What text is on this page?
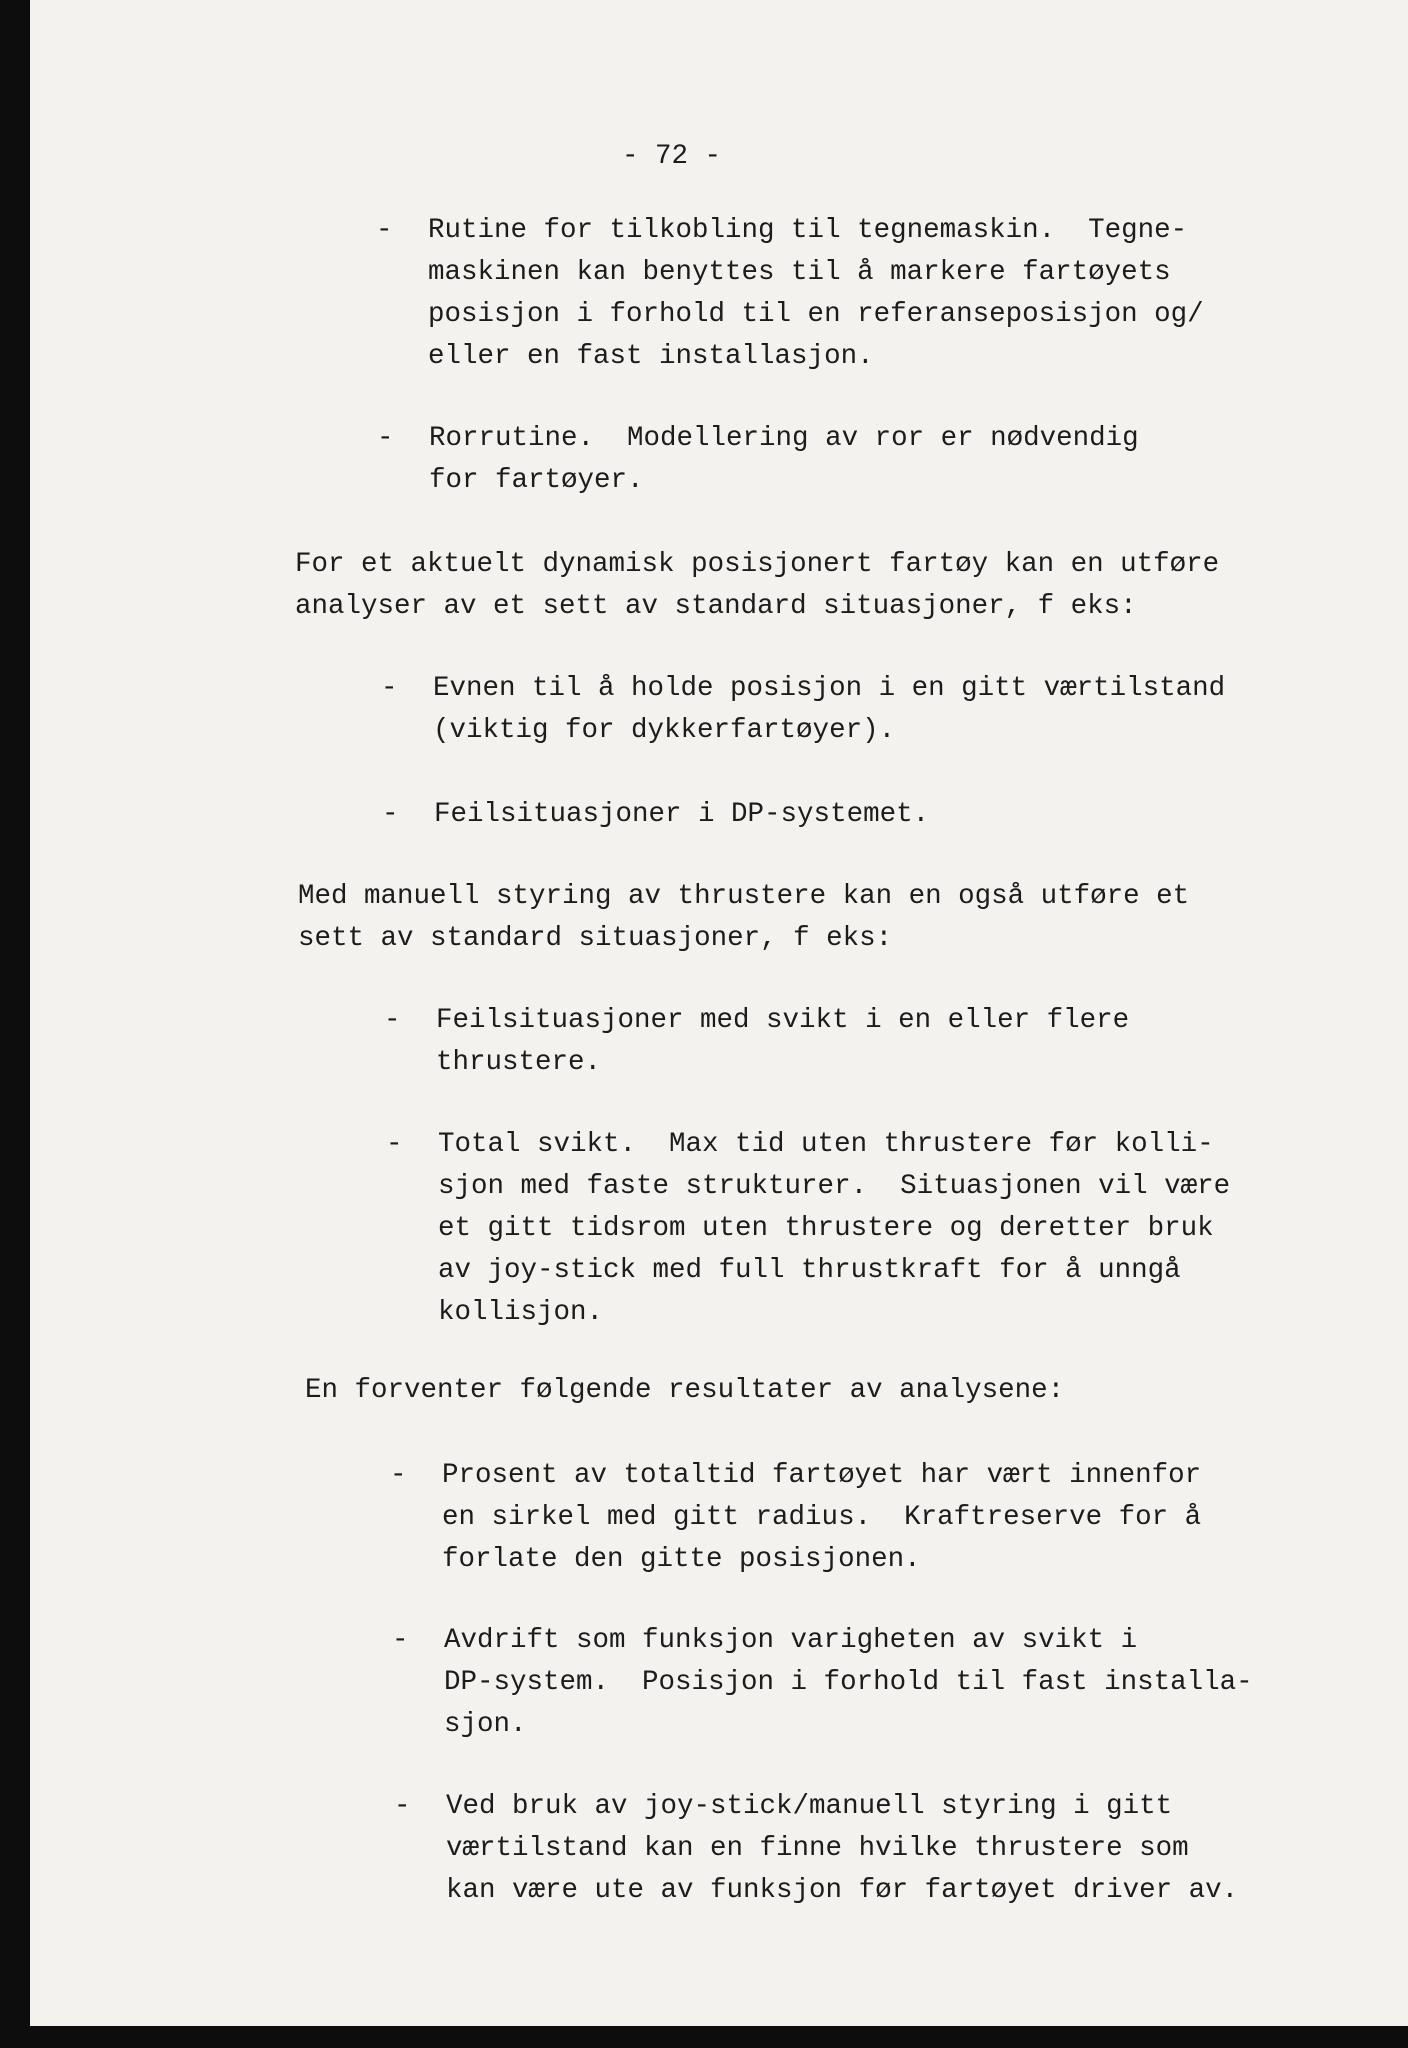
- 72 -

- Rutine for tilkobling til tegnemaskin.  Tegne-
maskinen kan benyttes til å markere fartøyets
posisjon i forhold til en referanseposisjon og/
eller en fast installasjon.
- Rorrutine.  Modellering av ror er nødvendig
for fartøyer.
For et aktuelt dynamisk posisjonert fartøy kan en utføre
analyser av et sett av standard situasjoner, f eks:
- Evnen til å holde posisjon i en gitt værtilstand
(viktig for dykkerfartøyer).
- Feilsituasjoner i DP-systemet.
Med manuell styring av thrustere kan en også utføre et
sett av standard situasjoner, f eks:
- Feilsituasjoner med svikt i en eller flere
thrustere.
- Total svikt.  Max tid uten thrustere før kolli-
sjon med faste strukturer.  Situasjonen vil være
et gitt tidsrom uten thrustere og deretter bruk
av joy-stick med full thrustkraft for å unngå
kollisjon.
En forventer følgende resultater av analysene:
- Prosent av totaltid fartøyet har vært innenfor
en sirkel med gitt radius.  Kraftreserve for å
forlate den gitte posisjonen.
- Avdrift som funksjon varigheten av svikt i
DP-system.  Posisjon i forhold til fast installa-
sjon.
- Ved bruk av joy-stick/manuell styring i gitt
værtilstand kan en finne hvilke thrustere som
kan være ute av funksjon før fartøyet driver av.
